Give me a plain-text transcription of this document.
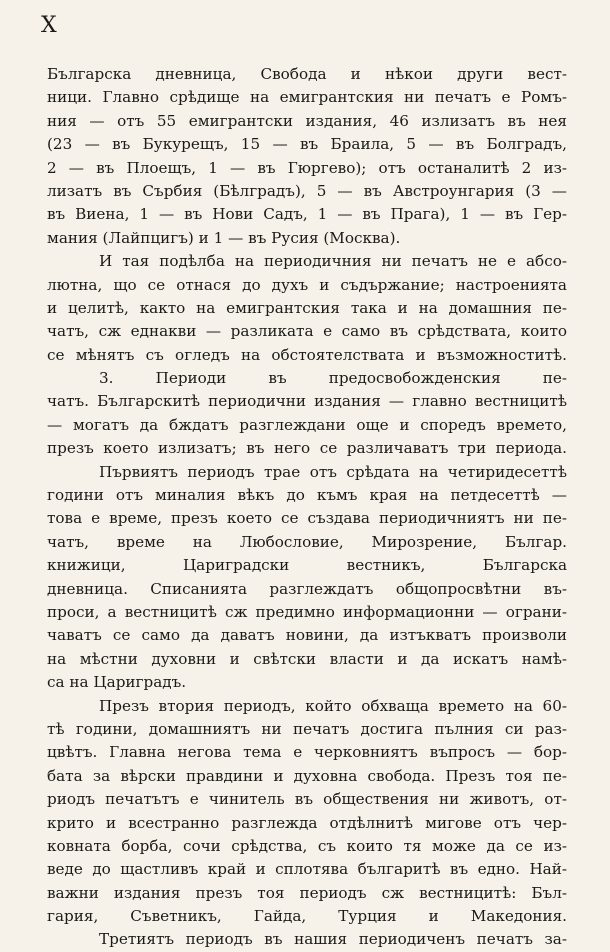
X
Българска дневница, Свобода и нѣкои други вест-
ници. Главно срѣдище на емигрантския ни печатъ е Ромъ-
ния — отъ 55 емигрантски издания, 46 излизатъ въ нея
(23 — въ Букурещъ, 15 — въ Браила, 5 — въ Болградъ,
2 — въ Плоещъ, 1 — въ Гюргево); отъ останалитѣ 2 из-
лизатъ въ Сърбия (Бѣлградъ), 5 — въ Австроунгария (3 —
въ Виена, 1 — въ Нови Садъ, 1 — въ Прага), 1 — въ Гер-
мания (Лайпцигъ) и 1 — въ Русия (Москва).
И тая подѣлба на периодичния ни печатъ не е абсо-
лютна, що се отнася до духъ и съдържание; настроенията
и целитѣ, както на емигрантския така и на домашния пе-
чатъ, сж еднакви — разликата е само въ срѣдствата, които
се мѣнятъ съ огледъ на обстоятелствата и възможноститѣ.
3. Периоди въ предосвобожденския пе-
чатъ. Българскитѣ периодични издания — главно вестницитѣ
— могатъ да бждатъ разглеждани още и споредъ времето,
презъ което излизатъ; въ него се различаватъ три периода.
Първиятъ периодъ трае отъ срѣдата на четиридесеттѣ
години отъ миналия вѣкъ до къмъ края на петдесеттѣ —
това е време, презъ което се създава периодичниятъ ни пе-
чатъ, време на Любословие, Мирозрение, Българ.
книжици, Цариградски вестникъ, Българска
дневница. Списанията разглеждатъ общопросвѣтни въ-
проси, а вестницитѣ сж предимно информационни — ограни-
чаватъ се само да даватъ новини, да изтъкватъ произволи
на мѣстни духовни и свѣтски власти и да искатъ намѣ-
са на Цариградъ.
Презъ втория периодъ, който обхваща времето на 60-
тѣ години, домашниятъ ни печатъ достига пълния си раз-
цвѣтъ. Главна негова тема е черковниятъ въпросъ — бор-
бата за вѣрски правдини и духовна свобода. Презъ тоя пе-
риодъ печатътъ е чинитель въ обществения ни животъ, от-
крито и всестранно разглежда отдѣлнитѣ мигове отъ чер-
ковната борба, сочи срѣдства, съ които тя може да се из-
веде до щастливъ край и сплотява българитѣ въ едно. Най-
важни издания презъ тоя периодъ сж вестницитѣ: Бъл-
гария, Съветникъ, Гайда, Турция и Македония.
Третиятъ периодъ въ нашия периодиченъ печатъ за-
